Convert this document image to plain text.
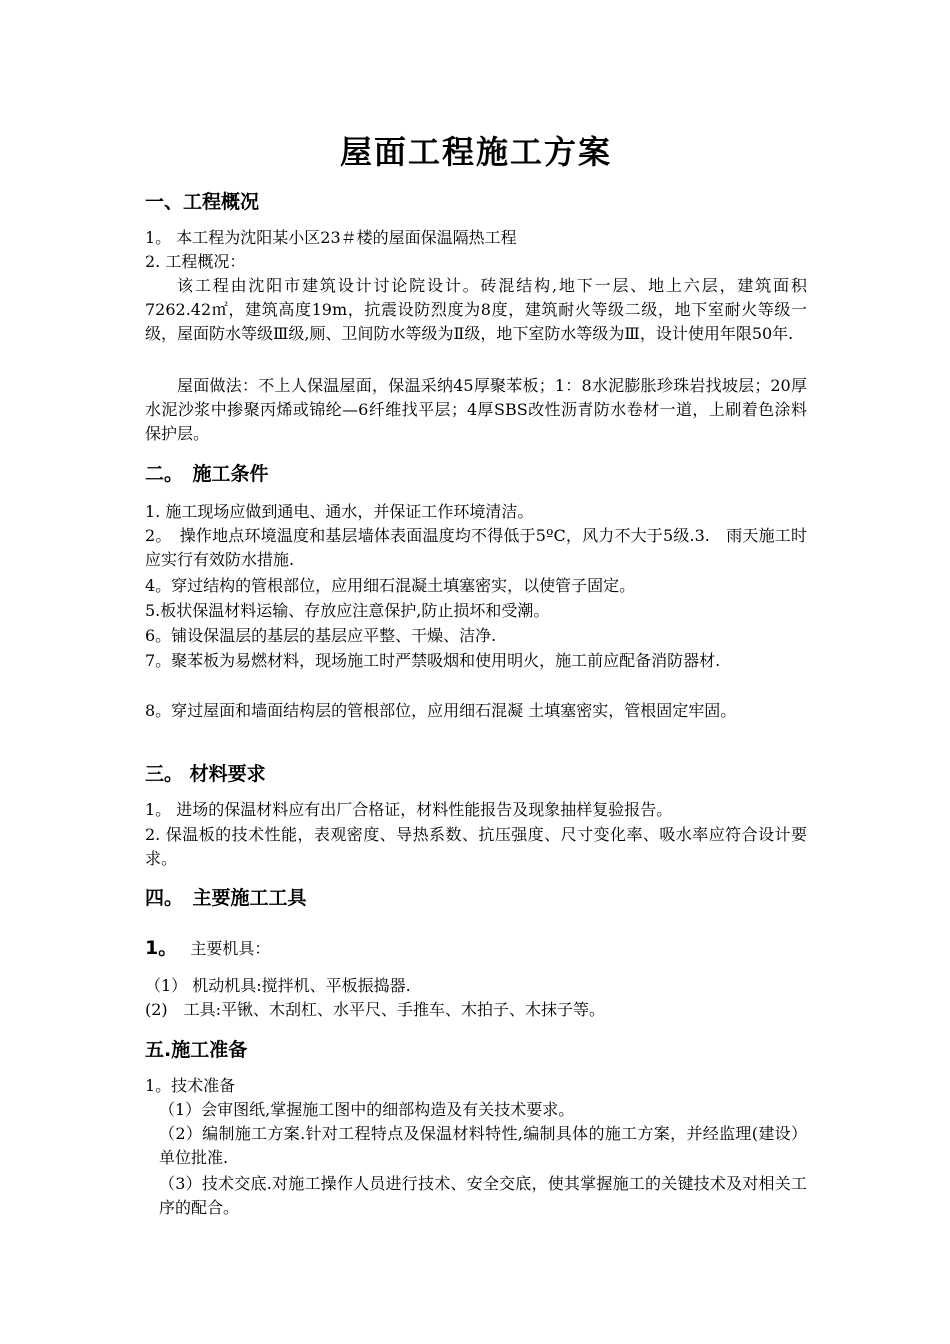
屋面工程施工方案
一、工程概况
1。 本工程为沈阳某小区23＃楼的屋面保温隔热工程
2. 工程概况：
该工程由沈阳市建筑设计讨论院设计。砖混结构,地下一层、地上六层，建筑面积7262.42㎡，建筑高度19m，抗震设防烈度为8度，建筑耐火等级二级，地下室耐火等级一级，屋面防水等级Ⅲ级,厕、卫间防水等级为Ⅱ级，地下室防水等级为Ⅲ，设计使用年限50年.
屋面做法：不上人保温屋面，保温采纳45厚聚苯板；1：8水泥膨胀珍珠岩找坡层；20厚水泥沙浆中掺聚丙烯或锦纶—6纤维找平层；4厚SBS改性沥青防水卷材一道，上刷着色涂料保护层。
二。　施工条件
1. 施工现场应做到通电、通水，并保证工作环境清洁。
2。　操作地点环境温度和基层墙体表面温度均不得低于5ºC，风力不大于5级.3.　雨天施工时应实行有效防水措施.
4。穿过结构的管根部位，应用细石混凝土填塞密实，以使管子固定。
5.板状保温材料运输、存放应注意保护,防止损坏和受潮。
6。铺设保温层的基层的基层应平整、干燥、洁净.
7。聚苯板为易燃材料，现场施工时严禁吸烟和使用明火，施工前应配备消防器材.
8。穿过屋面和墙面结构层的管根部位，应用细石混凝 土填塞密实，管根固定牢固。
三。 材料要求
1。 进场的保温材料应有出厂合格证，材料性能报告及现象抽样复验报告。
2. 保温板的技术性能，表观密度、导热系数、抗压强度、尺寸变化率、吸水率应符合设计要求。
四。　主要施工工具
1。 主要机具：
（1） 机动机具:搅拌机、平板振捣器.
(2)　工具:平锹、木刮杠、水平尺、手推车、木拍子、木抹子等。
五.施工准备
1。技术准备
（1）会审图纸,掌握施工图中的细部构造及有关技术要求。
（2）编制施工方案.针对工程特点及保温材料特性,编制具体的施工方案，并经监理(建设）单位批准.
（3）技术交底.对施工操作人员进行技术、安全交底，使其掌握施工的关键技术及对相关工序的配合。
